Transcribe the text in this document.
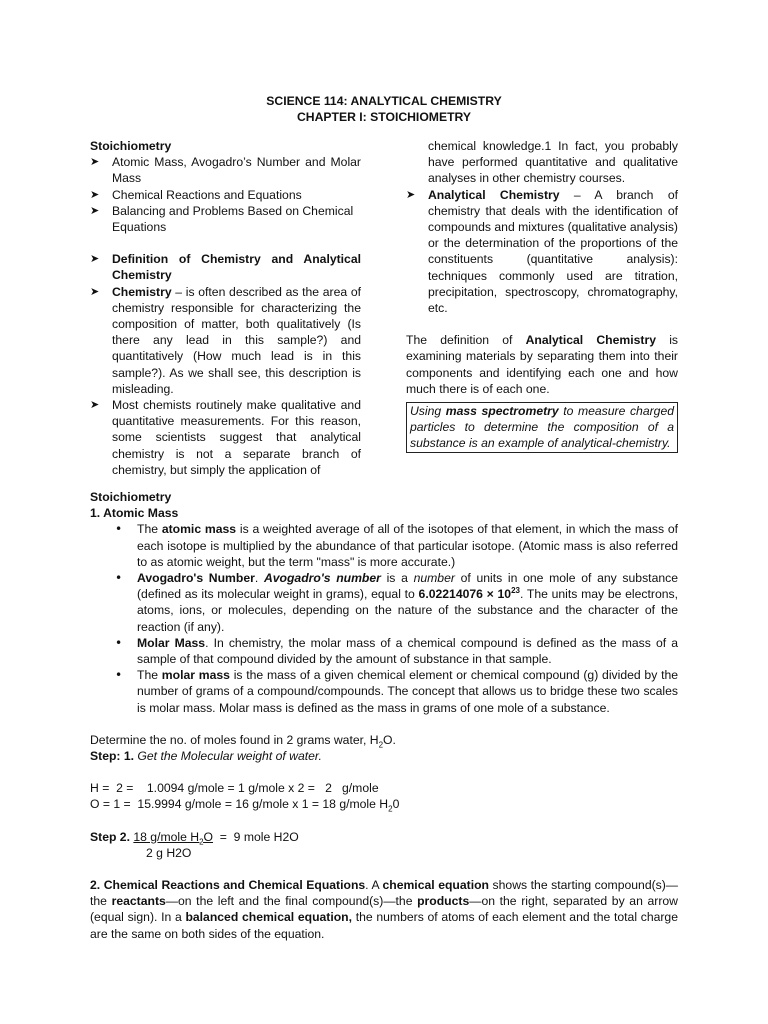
SCIENCE 114: ANALYTICAL CHEMISTRY
CHAPTER I: STOICHIOMETRY
Stoichiometry
➤ Atomic Mass, Avogadro’s Number and Molar Mass
➤ Chemical Reactions and Equations
➤ Balancing and Problems Based on Chemical Equations
➤ Definition of Chemistry and Analytical Chemistry
➤ Chemistry – is often described as the area of chemistry responsible for characterizing the composition of matter, both qualitatively (Is there any lead in this sample?) and quantitatively (How much lead is in this sample?). As we shall see, this description is misleading.
➤ Most chemists routinely make qualitative and quantitative measurements. For this reason, some scientists suggest that analytical chemistry is not a separate branch of chemistry, but simply the application of
chemical knowledge.1 In fact, you probably have performed quantitative and qualitative analyses in other chemistry courses.
➤ Analytical Chemistry – A branch of chemistry that deals with the identification of compounds and mixtures (qualitative analysis) or the determination of the proportions of the constituents (quantitative analysis): techniques commonly used are titration, precipitation, spectroscopy, chromatography, etc.
The definition of Analytical Chemistry is examining materials by separating them into their components and identifying each one and how much there is of each one.
Using mass spectrometry to measure charged particles to determine the composition of a substance is an example of analytical-chemistry.
Stoichiometry
1. Atomic Mass
• The atomic mass is a weighted average of all of the isotopes of that element, in which the mass of each isotope is multiplied by the abundance of that particular isotope. (Atomic mass is also referred to as atomic weight, but the term "mass" is more accurate.)
• Avogadro's Number. Avogadro's number is a number of units in one mole of any substance (defined as its molecular weight in grams), equal to $6.02214076 \times 10^{23}$. The units may be electrons, atoms, ions, or molecules, depending on the nature of the substance and the character of the reaction (if any).
• Molar Mass. In chemistry, the molar mass of a chemical compound is defined as the mass of a sample of that compound divided by the amount of substance in that sample.
• The molar mass is the mass of a given chemical element or chemical compound (g) divided by the number of grams of a compound/compounds. The concept that allows us to bridge these two scales is molar mass. Molar mass is defined as the mass in grams of one mole of a substance.
Determine the no. of moles found in 2 grams water, $H_2O$.
Step: 1. Get the Molecular weight of water.
H =  2 =    1.0094 g/mole = 1 g/mole x 2 =   2   g/mole
O = 1 =  15.9994 g/mole = 16 g/mole x 1 = 18 g/mole $H_20$
Step 2. 18 g/mole $H_2O = 9$ mole H2O
2 g H2O
2. Chemical Reactions and Chemical Equations. A chemical equation shows the starting compound(s)—the reactants—on the left and the final compound(s)—the products—on the right, separated by an arrow (equal sign). In a balanced chemical equation, the numbers of atoms of each element and the total charge are the same on both sides of the equation.
